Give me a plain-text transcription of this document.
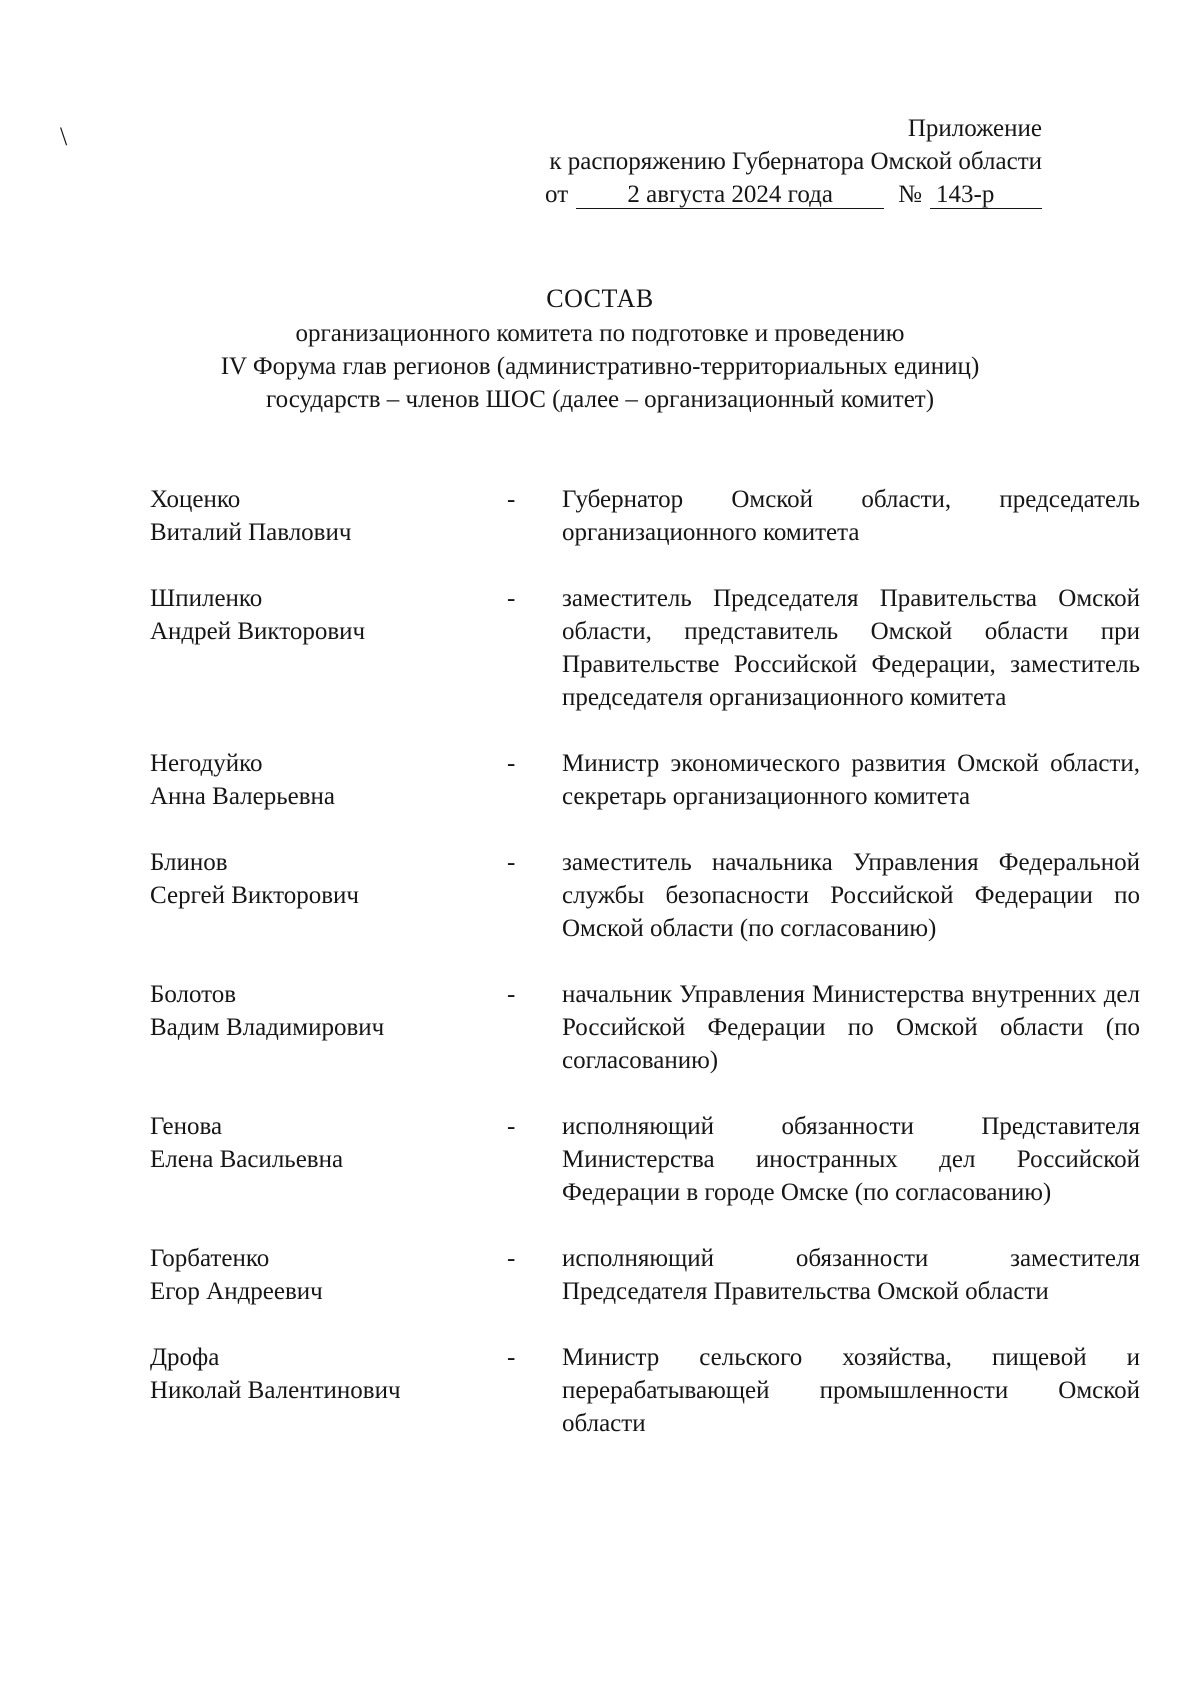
\	Приложение
к распоряжению Губернатора Омской области
от 2 августа 2024 года	№ 143-р
СОСТАВ
организационного комитета по подготовке и проведению
IV Форума глав регионов (административно-территориальных единиц)
государств – членов ШОС (далее – организационный комитет)
Хоценко
Виталий Павлович
- Губернатор Омской области, председатель организационного комитета
Шпиленко
Андрей Викторович
- заместитель Председателя Правительства Омской области, представитель Омской области при Правительстве Российской Федерации, заместитель председателя организационного комитета
Негодуйко
Анна Валерьевна
- Министр экономического развития Омской области, секретарь организационного комитета
Блинов
Сергей Викторович
- заместитель начальника Управления Федеральной службы безопасности Российской Федерации по Омской области (по согласованию)
Болотов
Вадим Владимирович
- начальник Управления Министерства внутренних дел Российской Федерации по Омской области (по согласованию)
Генова
Елена Васильевна
- исполняющий обязанности Представителя Министерства иностранных дел Российской Федерации в городе Омске (по согласованию)
Горбатенко
Егор Андреевич
- исполняющий обязанности заместителя Председателя Правительства Омской области
Дрофа
Николай Валентинович
- Министр сельского хозяйства, пищевой и перерабатывающей промышленности Омской области
